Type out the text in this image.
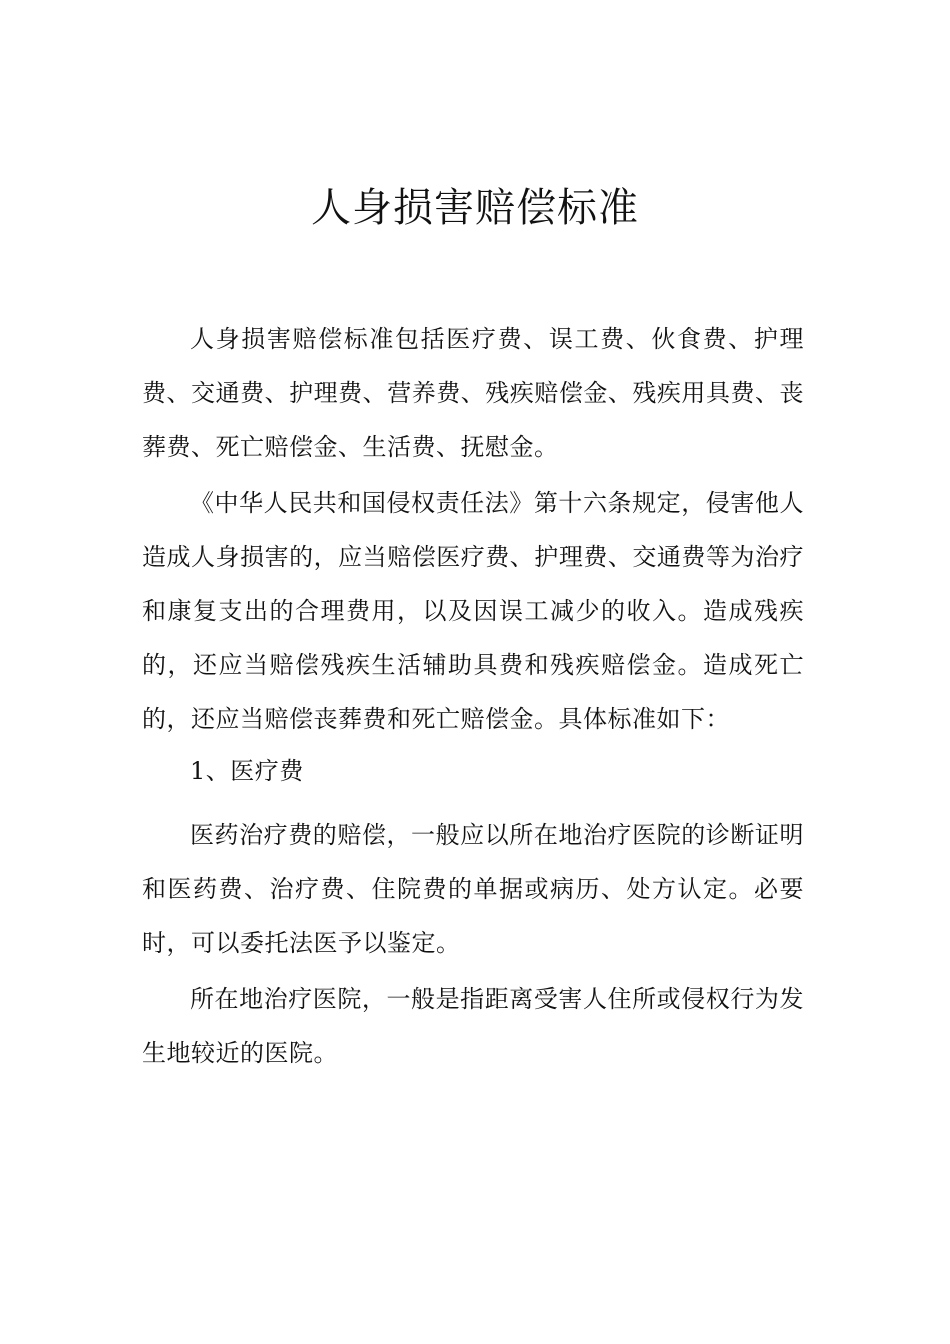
人身损害赔偿标准

人身损害赔偿标准包括医疗费、误工费、伙食费、护理费、交通费、护理费、营养费、残疾赔偿金、残疾用具费、丧葬费、死亡赔偿金、生活费、抚慰金。

《中华人民共和国侵权责任法》第十六条规定，侵害他人造成人身损害的，应当赔偿医疗费、护理费、交通费等为治疗和康复支出的合理费用，以及因误工减少的收入。造成残疾的，还应当赔偿残疾生活辅助具费和残疾赔偿金。造成死亡的，还应当赔偿丧葬费和死亡赔偿金。具体标准如下：

1、医疗费

医药治疗费的赔偿，一般应以所在地治疗医院的诊断证明和医药费、治疗费、住院费的单据或病历、处方认定。必要时，可以委托法医予以鉴定。

所在地治疗医院，一般是指距离受害人住所或侵权行为发生地较近的医院。
